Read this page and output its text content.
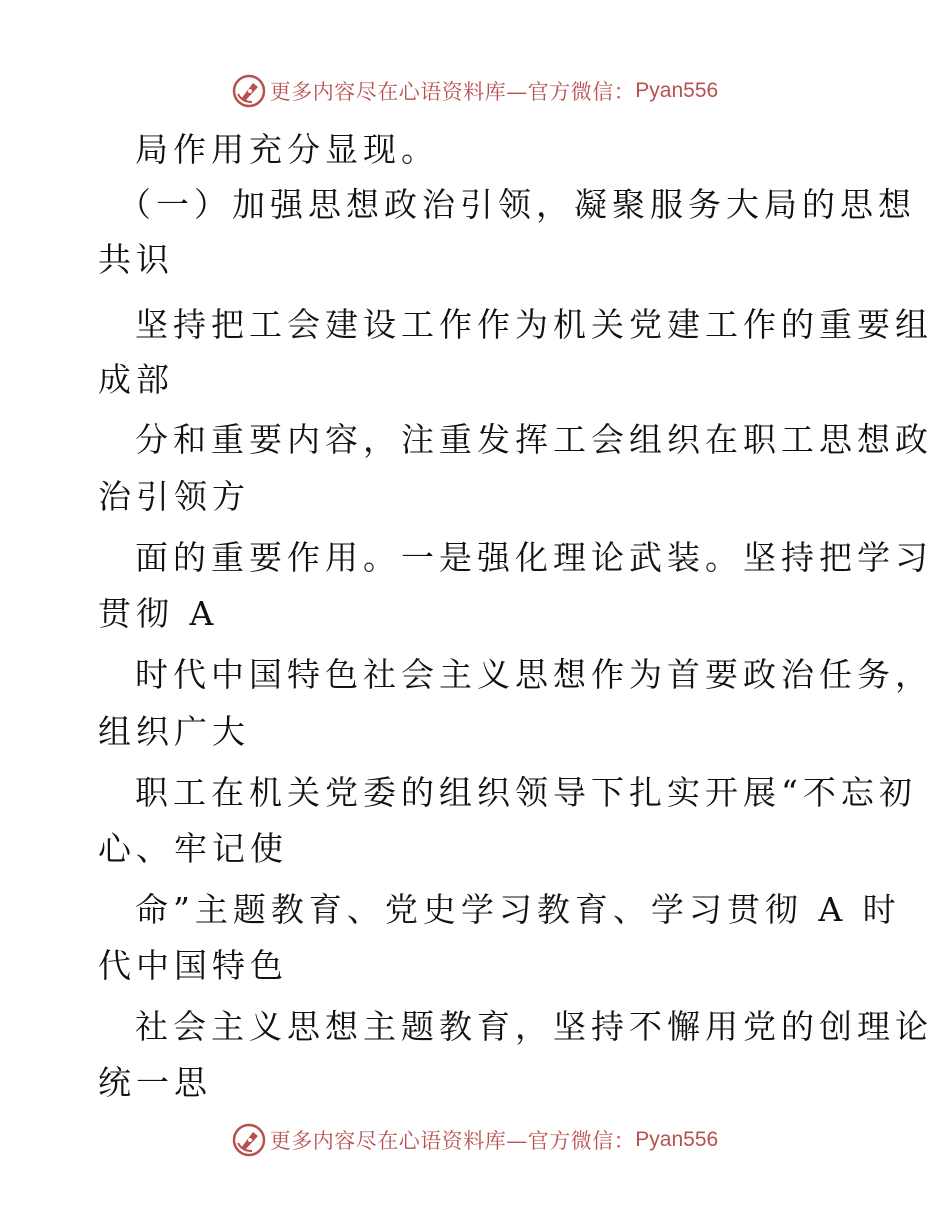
更多内容尽在心语资料库—官方微信： Pyan556
局作用充分显现。
（一）加强思想政治引领，凝聚服务大局的思想
共识
坚持把工会建设工作作为机关党建工作的重要组
成部
分和重要内容，注重发挥工会组织在职工思想政
治引领方
面的重要作用。一是强化理论武装。坚持把学习
贯彻 A
时代中国特色社会主义思想作为首要政治任务，
组织广大
职工在机关党委的组织领导下扎实开展“不忘初
心、牢记使
命”主题教育、党史学习教育、学习贯彻 A 时
代中国特色
社会主义思想主题教育，坚持不懈用党的创理论
统一思
更多内容尽在心语资料库—官方微信： Pyan556
